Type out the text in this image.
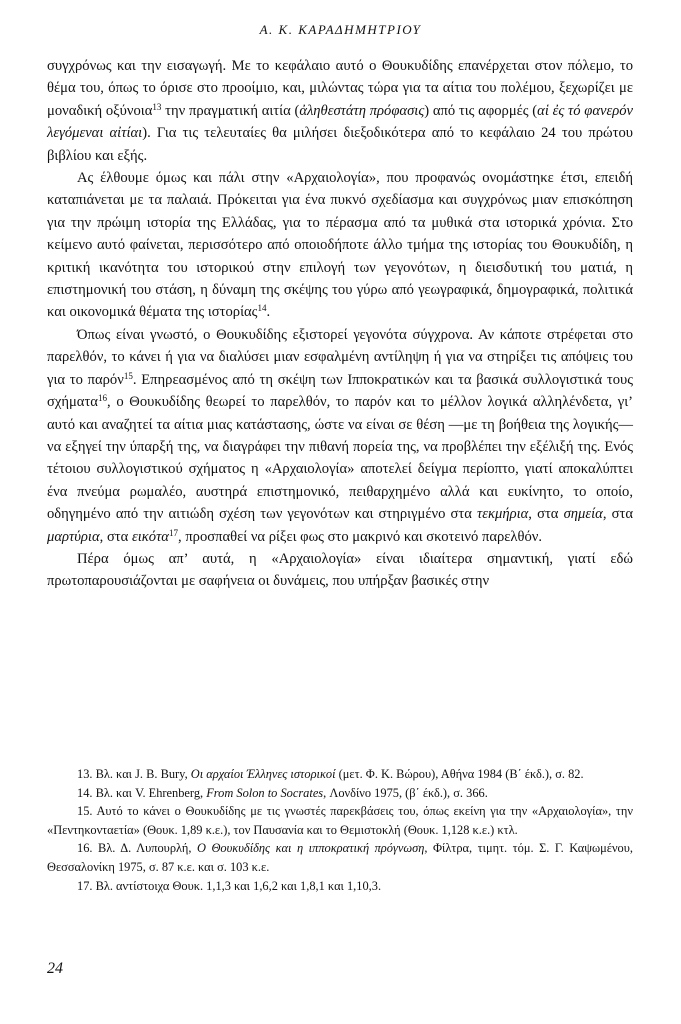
Α. Κ. ΚΑΡΑΔΗΜΗΤΡΙΟΥ

συγχρόνως και την εισαγωγή. Με το κεφάλαιο αυτό ο Θουκυδίδης επανέρχεται στον πόλεμο, το θέμα του, όπως το όρισε στο προοίμιο, και, μιλώντας τώρα για τα αίτια του πολέμου, ξεχωρίζει με μοναδική οξύνοια$^{13}$ την πραγματική αιτία (ἀληθεστάτη πρόφασις) από τις αφορμές (αἱ ἐς τό φανερόν λεγόμεναι αἰτίαι). Για τις τελευταίες θα μιλήσει διεξοδικότερα από το κεφάλαιο 24 του πρώτου βιβλίου και εξής.

Ας έλθουμε όμως και πάλι στην «Αρχαιολογία», που προφανώς ονομάστηκε έτσι, επειδή καταπιάνεται με τα παλαιά. Πρόκειται για ένα πυκνό σχεδίασμα και συγχρόνως μιαν επισκόπηση για την πρώιμη ιστορία της Ελλάδας, για το πέρασμα από τα μυθικά στα ιστορικά χρόνια. Στο κείμενο αυτό φαίνεται, περισσότερο από οποιοδήποτε άλλο τμήμα της ιστορίας του Θουκυδίδη, η κριτική ικανότητα του ιστορικού στην επιλογή των γεγονότων, η διεισδυτική του ματιά, η επιστημονική του στάση, η δύναμη της σκέψης του γύρω από γεωγραφικά, δημογραφικά, πολιτικά και οικονομικά θέματα της ιστορίας$^{14}$.

Όπως είναι γνωστό, ο Θουκυδίδης εξιστορεί γεγονότα σύγχρονα. Αν κάποτε στρέφεται στο παρελθόν, το κάνει ή για να διαλύσει μιαν εσφαλμένη αντίληψη ή για να στηρίξει τις απόψεις του για το παρόν$^{15}$. Επηρεασμένος από τη σκέψη των Ιπποκρατικών και τα βασικά συλλογιστικά τους σχήματα$^{16}$, ο Θουκυδίδης θεωρεί το παρελθόν, το παρόν και το μέλλον λογικά αλληλένδετα, γι’ αυτό και αναζητεί τα αίτια μιας κατάστασης, ώστε να είναι σε θέση —με τη βοήθεια της λογικής— να εξηγεί την ύπαρξή της, να διαγράφει την πιθανή πορεία της, να προβλέπει την εξέλιξή της. Ενός τέτοιου συλλογιστικού σχήματος η «Αρχαιολογία» αποτελεί δείγμα περίοπτο, γιατί αποκαλύπτει ένα πνεύμα ρωμαλέο, αυστηρά επιστημονικό, πειθαρχημένο αλλά και ευκίνητο, το οποίο, οδηγημένο από την αιτιώδη σχέση των γεγονότων και στηριγμένο στα τεκμήρια, στα σημεία, στα μαρτύρια, στα εικότα$^{17}$, προσπαθεί να ρίξει φως στο μακρινό και σκοτεινό παρελθόν.

Πέρα όμως απ’ αυτά, η «Αρχαιολογία» είναι ιδιαίτερα σημαντική, γιατί εδώ πρωτοπαρουσιάζονται με σαφήνεια οι δυνάμεις, που υπήρξαν βασικές στην

13. Βλ. και J. B. Bury, Οι αρχαίοι Έλληνες ιστορικοί (μετ. Φ. Κ. Βώρου), Αθήνα 1984 (Β΄ έκδ.), σ. 82.

14. Βλ. και V. Ehrenberg, From Solon to Socrates, Λονδίνο 1975, (β΄ έκδ.), σ. 366.

15. Αυτό το κάνει ο Θουκυδίδης με τις γνωστές παρεκβάσεις του, όπως εκείνη για την «Αρχαιολογία», την «Πεντηκονταετία» (Θουκ. 1,89 κ.ε.), τον Παυσανία και το Θεμιστοκλή (Θουκ. 1,128 κ.ε.) κτλ.

16. Βλ. Δ. Λυπουρλή, Ο Θουκυδίδης και η ιπποκρατική πρόγνωση, Φίλτρα, τιμητ. τόμ. Σ. Γ. Καψωμένου, Θεσσαλονίκη 1975, σ. 87 κ.ε. και σ. 103 κ.ε.

17. Βλ. αντίστοιχα Θουκ. 1,1,3 και 1,6,2 και 1,8,1 και 1,10,3.

24
